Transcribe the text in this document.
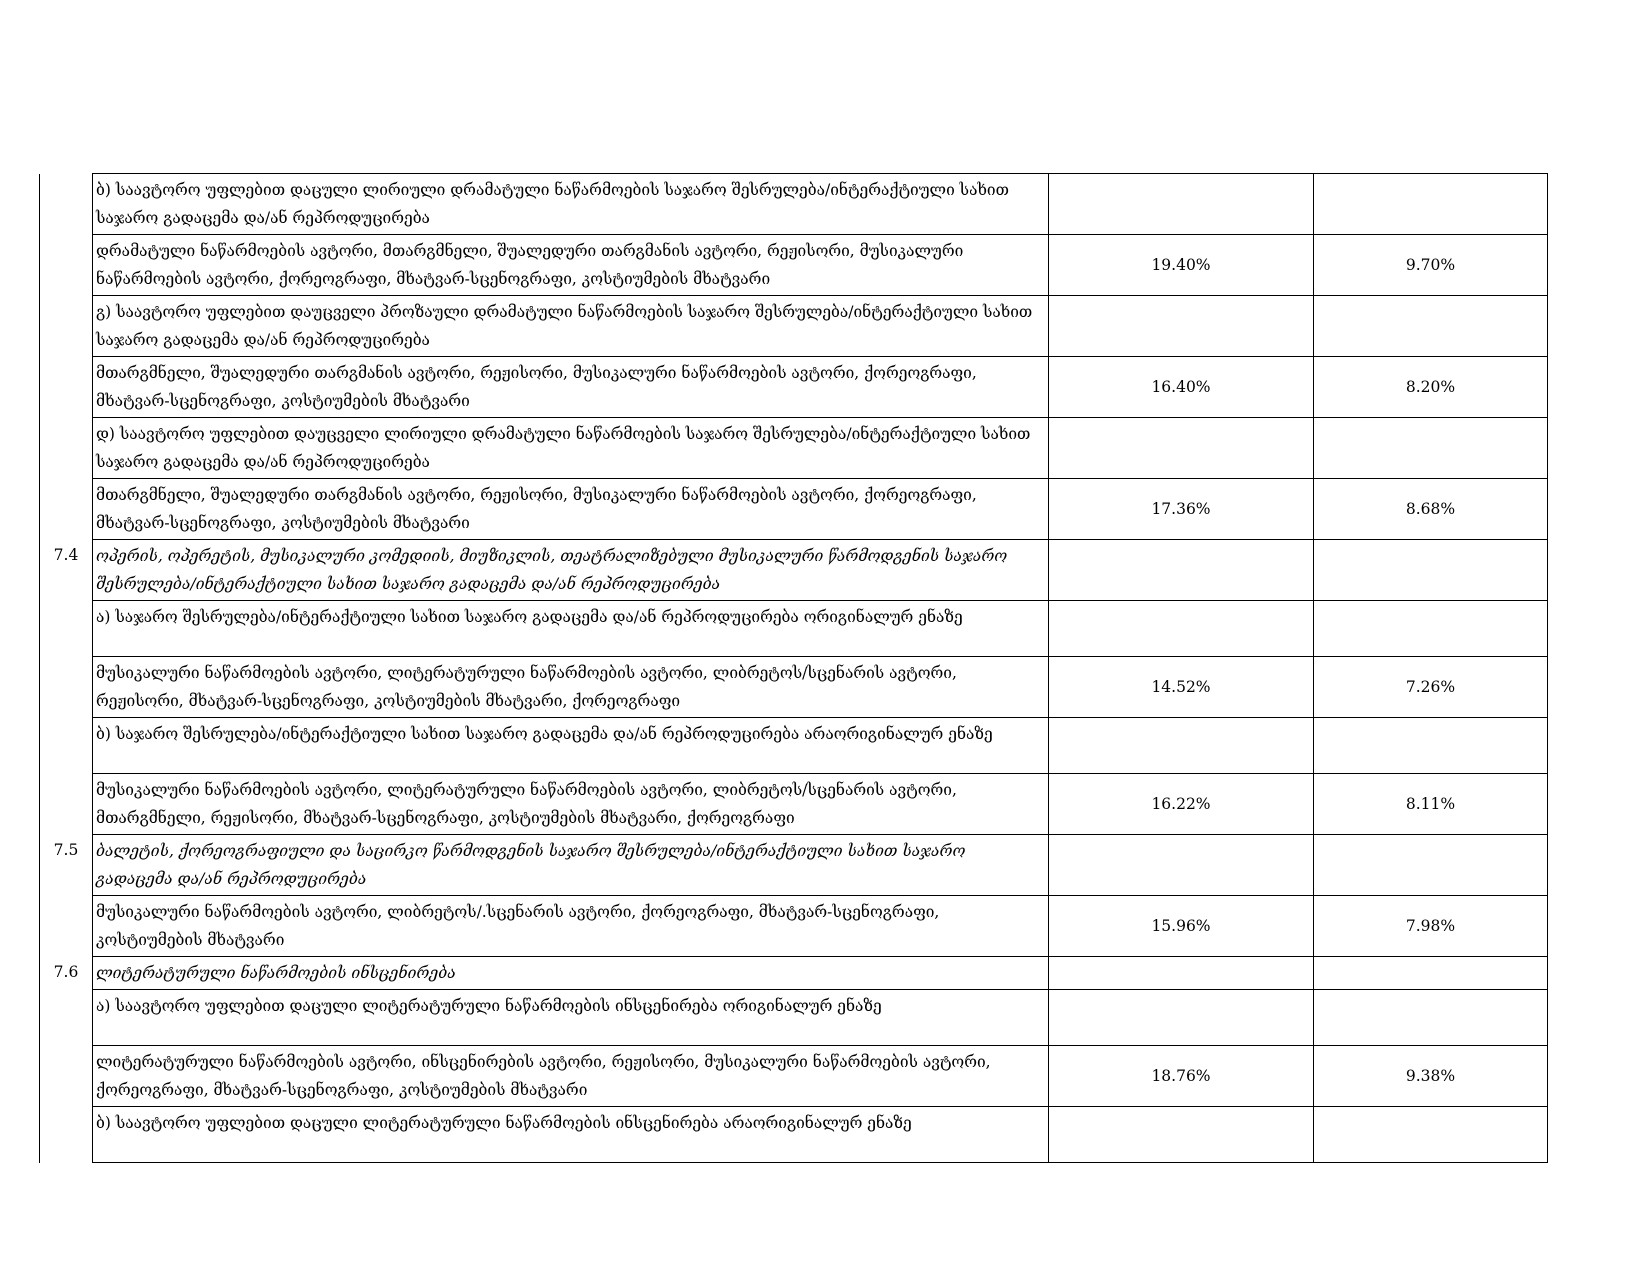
	ბ) საავტორო უფლებით დაცული ლირიული დრამატული ნაწარმოების საჯარო შესრულება/ინტერაქტიული სახით საჯარო გადაცემა და/ან რეპროდუცირება		
	დრამატული ნაწარმოების ავტორი, მთარგმნელი, შუალედური თარგმანის ავტორი, რეჟისორი, მუსიკალური ნაწარმოების ავტორი, ქორეოგრაფი, მხატვარ-სცენოგრაფი, კოსტიუმების მხატვარი	19.40%	9.70%
	გ) საავტორო უფლებით დაუცველი პროზაული დრამატული ნაწარმოების საჯარო შესრულება/ინტერაქტიული სახით საჯარო გადაცემა და/ან რეპროდუცირება		
	მთარგმნელი, შუალედური თარგმანის ავტორი, რეჟისორი, მუსიკალური ნაწარმოების ავტორი, ქორეოგრაფი, მხატვარ-სცენოგრაფი, კოსტიუმების მხატვარი	16.40%	8.20%
	დ) საავტორო უფლებით დაუცველი ლირიული დრამატული ნაწარმოების საჯარო შესრულება/ინტერაქტიული სახით საჯარო გადაცემა და/ან რეპროდუცირება		
	მთარგმნელი, შუალედური თარგმანის ავტორი, რეჟისორი, მუსიკალური ნაწარმოების ავტორი, ქორეოგრაფი, მხატვარ-სცენოგრაფი, კოსტიუმების მხატვარი	17.36%	8.68%
7.4	ოპერის, ოპერეტის, მუსიკალური კომედიის, მიუზიკლის, თეატრალიზებული მუსიკალური წარმოდგენის საჯარო შესრულება/ინტერაქტიული სახით საჯარო გადაცემა და/ან რეპროდუცირება		
	ა) საჯარო შესრულება/ინტერაქტიული სახით საჯარო გადაცემა და/ან რეპროდუცირება ორიგინალურ ენაზე		
	მუსიკალური ნაწარმოების ავტორი, ლიტერატურული ნაწარმოების ავტორი, ლიბრეტოს/სცენარის ავტორი, რეჟისორი, მხატვარ-სცენოგრაფი, კოსტიუმების მხატვარი, ქორეოგრაფი	14.52%	7.26%
	ბ) საჯარო შესრულება/ინტერაქტიული სახით საჯარო გადაცემა და/ან რეპროდუცირება არაორიგინალურ ენაზე		
	მუსიკალური ნაწარმოების ავტორი, ლიტერატურული ნაწარმოების ავტორი, ლიბრეტოს/სცენარის ავტორი, მთარგმნელი, რეჟისორი, მხატვარ-სცენოგრაფი, კოსტიუმების მხატვარი, ქორეოგრაფი	16.22%	8.11%
7.5	ბალეტის, ქორეოგრაფიული და საცირკო წარმოდგენის საჯარო შესრულება/ინტერაქტიული სახით საჯარო გადაცემა და/ან რეპროდუცირება		
	მუსიკალური ნაწარმოების ავტორი, ლიბრეტოს/.სცენარის ავტორი, ქორეოგრაფი, მხატვარ-სცენოგრაფი, კოსტიუმების მხატვარი	15.96%	7.98%
7.6	ლიტერატურული ნაწარმოების ინსცენირება		
	ა) საავტორო უფლებით დაცული ლიტერატურული ნაწარმოების ინსცენირება ორიგინალურ ენაზე		
	ლიტერატურული ნაწარმოების ავტორი, ინსცენირების ავტორი, რეჟისორი, მუსიკალური ნაწარმოების ავტორი, ქორეოგრაფი, მხატვარ-სცენოგრაფი, კოსტიუმების მხატვარი	18.76%	9.38%
	ბ) საავტორო უფლებით დაცული ლიტერატურული ნაწარმოების ინსცენირება არაორიგინალურ ენაზე		
